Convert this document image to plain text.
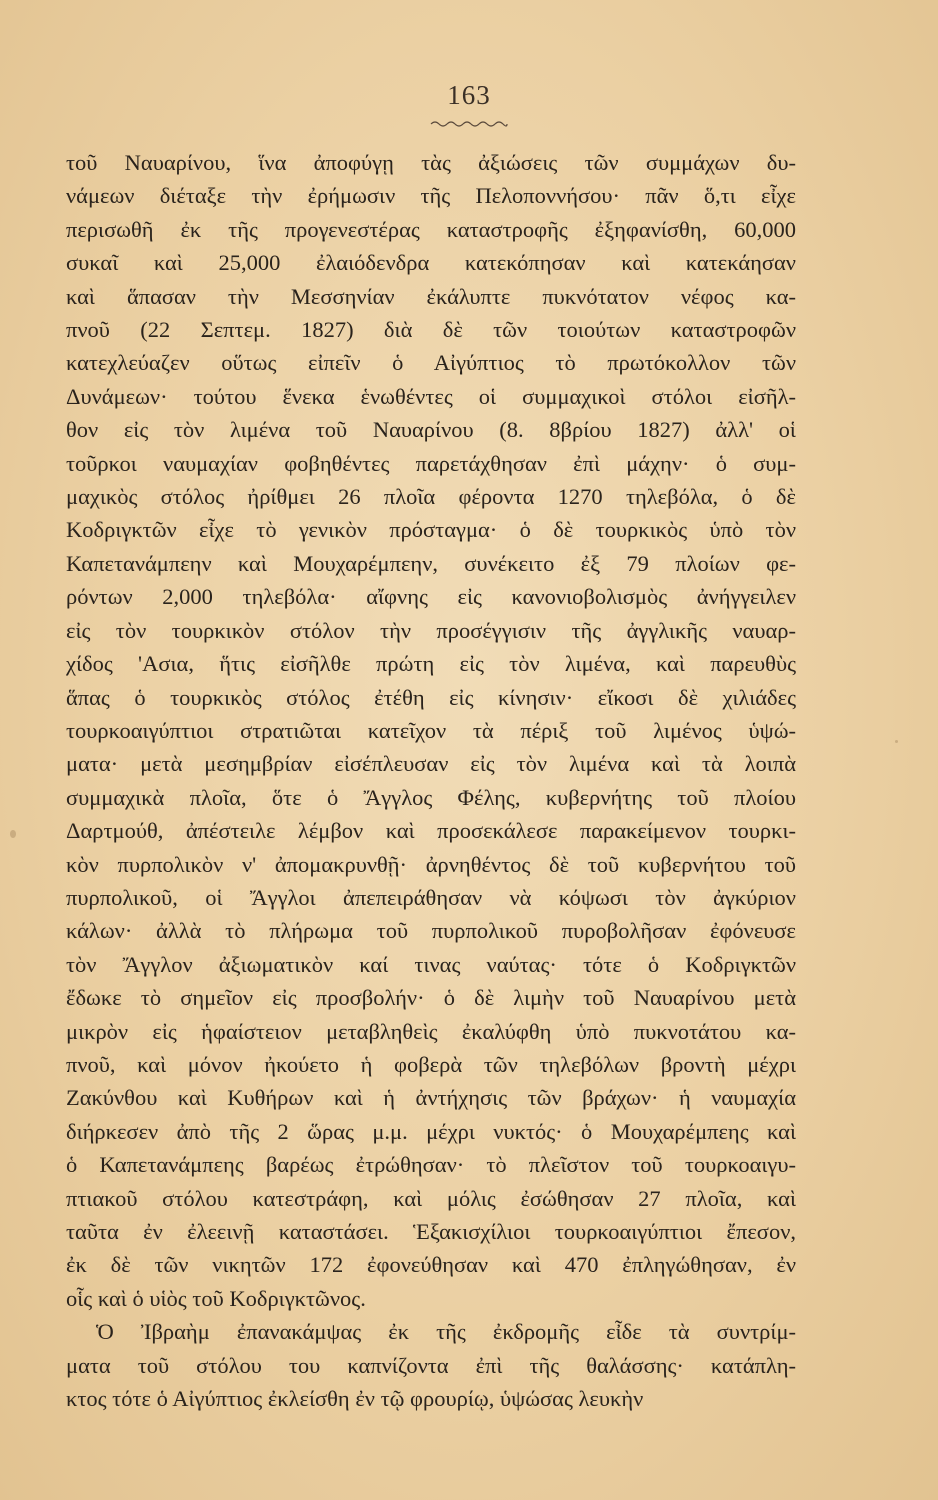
163
τοῦ Ναυαρίνου, ἵνα ἀποφύγῃ τὰς ἀξιώσεις τῶν συμμάχων δυ-
νάμεων διέταξε τὴν ἐρήμωσιν τῆς Πελοποννήσου· πᾶν ὅ,τι εἶχε
περισωθῆ ἐκ τῆς προγενεστέρας καταστροφῆς ἐξηφανίσθη, 60,000
συκαῖ καὶ 25,000 ἐλαιόδενδρα κατεκόπησαν καὶ κατεκάησαν
καὶ ἅπασαν τὴν Μεσσηνίαν ἐκάλυπτε πυκνότατον νέφος κα-
πνοῦ (22 Σεπτεμ. 1827) διὰ δὲ τῶν τοιούτων καταστροφῶν
κατεχλεύαζεν οὕτως εἰπεῖν ὁ Αἰγύπτιος τὸ πρωτόκολλον τῶν
Δυνάμεων· τούτου ἕνεκα ἑνωθέντες οἱ συμμαχικοὶ στόλοι εἰσῆλ-
θον εἰς τὸν λιμένα τοῦ Ναυαρίνου (8. 8βρίου 1827) ἀλλ' οἱ
τοῦρκοι ναυμαχίαν φοβηθέντες παρετάχθησαν ἐπὶ μάχην· ὁ συμ-
μαχικὸς στόλος ἠρίθμει 26 πλοῖα φέροντα 1270 τηλεβόλα, ὁ δὲ
Κοδριγκτῶν εἶχε τὸ γενικὸν πρόσταγμα· ὁ δὲ τουρκικὸς ὑπὸ τὸν
Καπετανάμπεην καὶ Μουχαρέμπεην, συνέκειτο ἐξ 79 πλοίων φε-
ρόντων 2,000 τηλεβόλα· αἴφνης εἰς κανονιοβολισμὸς ἀνήγγειλεν
εἰς τὸν τουρκικὸν στόλον τὴν προσέγγισιν τῆς ἀγγλικῆς ναυαρ-
χίδος 'Ασια, ἥτις εἰσῆλθε πρώτη εἰς τὸν λιμένα, καὶ παρευθὺς
ἅπας ὁ τουρκικὸς στόλος ἐτέθη εἰς κίνησιν· εἴκοσι δὲ χιλιάδες
τουρκοαιγύπτιοι στρατιῶται κατεῖχον τὰ πέριξ τοῦ λιμένος ὑψώ-
ματα· μετὰ μεσημβρίαν εἰσέπλευσαν εἰς τὸν λιμένα καὶ τὰ λοιπὰ
συμμαχικὰ πλοῖα, ὅτε ὁ Ἄγγλος Φέλης, κυβερνήτης τοῦ πλοίου
Δαρτμούθ, ἀπέστειλε λέμβον καὶ προσεκάλεσε παρακείμενον τουρκι-
κὸν πυρπολικὸν ν' ἀπομακρυνθῇ· ἀρνηθέντος δὲ τοῦ κυβερνήτου τοῦ
πυρπολικοῦ, οἱ Ἄγγλοι ἀπεπειράθησαν νὰ κόψωσι τὸν ἀγκύριον
κάλων· ἀλλὰ τὸ πλήρωμα τοῦ πυρπολικοῦ πυροβολῆσαν ἐφόνευσε
τὸν Ἄγγλον ἀξιωματικὸν καί τινας ναύτας· τότε ὁ Κοδριγκτῶν
ἔδωκε τὸ σημεῖον εἰς προσβολήν· ὁ δὲ λιμὴν τοῦ Ναυαρίνου μετὰ
μικρὸν εἰς ἡφαίστειον μεταβληθεὶς ἐκαλύφθη ὑπὸ πυκνοτάτου κα-
πνοῦ, καὶ μόνον ἠκούετο ἡ φοβερὰ τῶν τηλεβόλων βροντὴ μέχρι
Ζακύνθου καὶ Κυθήρων καὶ ἡ ἀντήχησις τῶν βράχων· ἡ ναυμαχία
διήρκεσεν ἀπὸ τῆς 2 ὥρας μ.μ. μέχρι νυκτός· ὁ Μουχαρέμπεης καὶ
ὁ Καπετανάμπεης βαρέως ἐτρώθησαν· τὸ πλεῖστον τοῦ τουρκοαιγυ-
πτιακοῦ στόλου κατεστράφη, καὶ μόλις ἐσώθησαν 27 πλοῖα, καὶ
ταῦτα ἐν ἐλεεινῇ καταστάσει. Ἑξακισχίλιοι τουρκοαιγύπτιοι ἔπεσον,
ἐκ δὲ τῶν νικητῶν 172 ἐφονεύθησαν καὶ 470 ἐπληγώθησαν, ἐν
οἷς καὶ ὁ υἱὸς τοῦ Κοδριγκτῶνος.
Ὁ Ἰβραὴμ ἐπανακάμψας ἐκ τῆς ἐκδρομῆς εἶδε τὰ συντρίμ-
ματα τοῦ στόλου του καπνίζοντα ἐπὶ τῆς θαλάσσης· κατάπλη-
κτος τότε ὁ Αἰγύπτιος ἐκλείσθη ἐν τῷ φρουρίῳ, ὑψώσας λευκὴν
